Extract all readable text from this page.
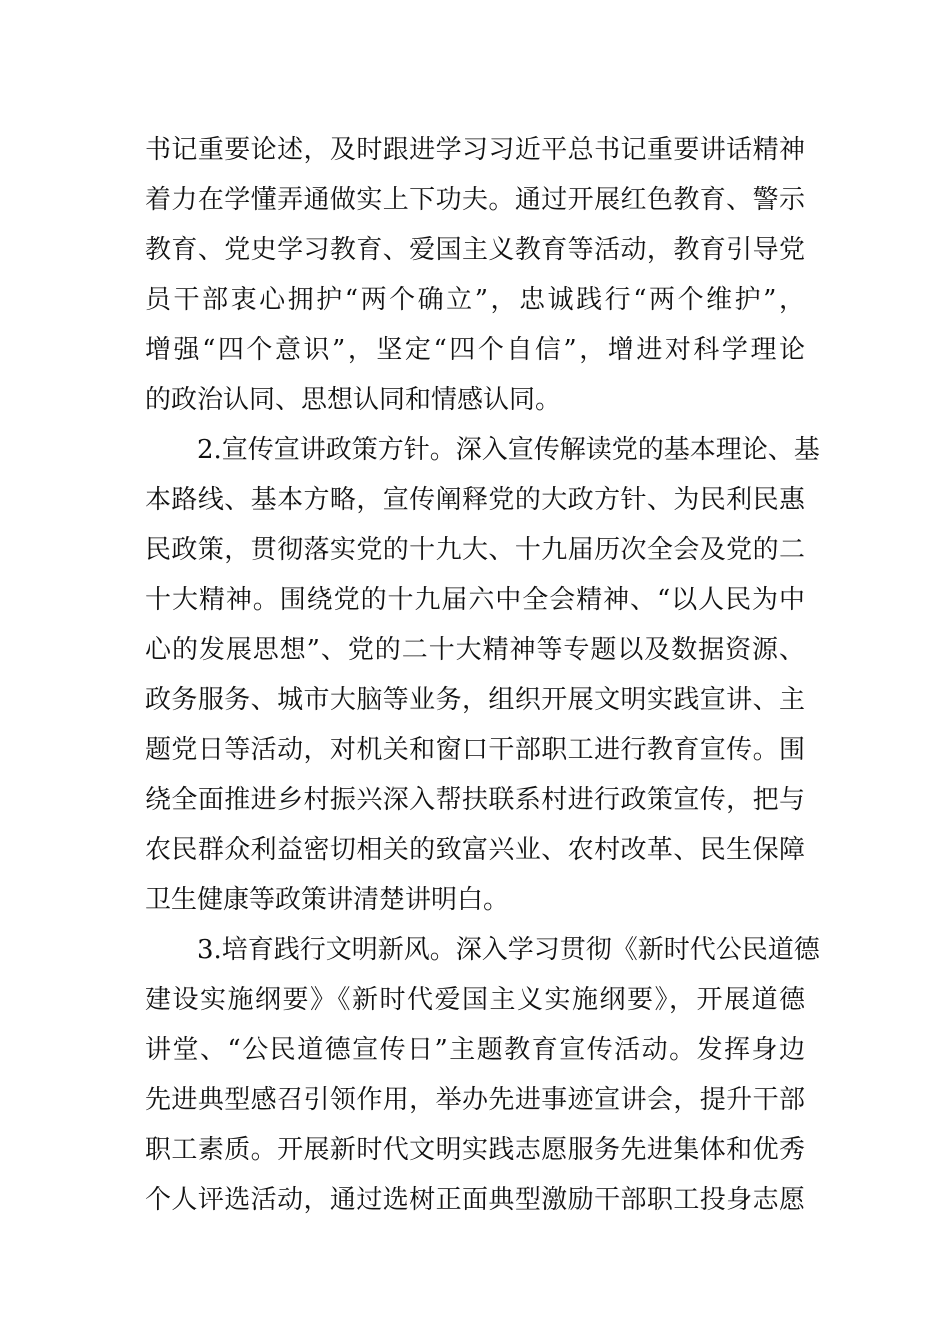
书记重要论述，及时跟进学习习近平总书记重要讲话精神
着力在学懂弄通做实上下功夫。通过开展红色教育、警示
教育、党史学习教育、爱国主义教育等活动，教育引导党
员干部衷心拥护“两个确立”，忠诚践行“两个维护”，
增强“四个意识”，坚定“四个自信”，增进对科学理论
的政治认同、思想认同和情感认同。
2.宣传宣讲政策方针。深入宣传解读党的基本理论、基
本路线、基本方略，宣传阐释党的大政方针、为民利民惠
民政策，贯彻落实党的十九大、十九届历次全会及党的二
十大精神。围绕党的十九届六中全会精神、“以人民为中
心的发展思想”、党的二十大精神等专题以及数据资源、
政务服务、城市大脑等业务，组织开展文明实践宣讲、主
题党日等活动，对机关和窗口干部职工进行教育宣传。围
绕全面推进乡村振兴深入帮扶联系村进行政策宣传，把与
农民群众利益密切相关的致富兴业、农村改革、民生保障
卫生健康等政策讲清楚讲明白。
3.培育践行文明新风。深入学习贯彻《新时代公民道德
建设实施纲要》《新时代爱国主义实施纲要》，开展道德
讲堂、“公民道德宣传日”主题教育宣传活动。发挥身边
先进典型感召引领作用，举办先进事迹宣讲会，提升干部
职工素质。开展新时代文明实践志愿服务先进集体和优秀
个人评选活动，通过选树正面典型激励干部职工投身志愿
